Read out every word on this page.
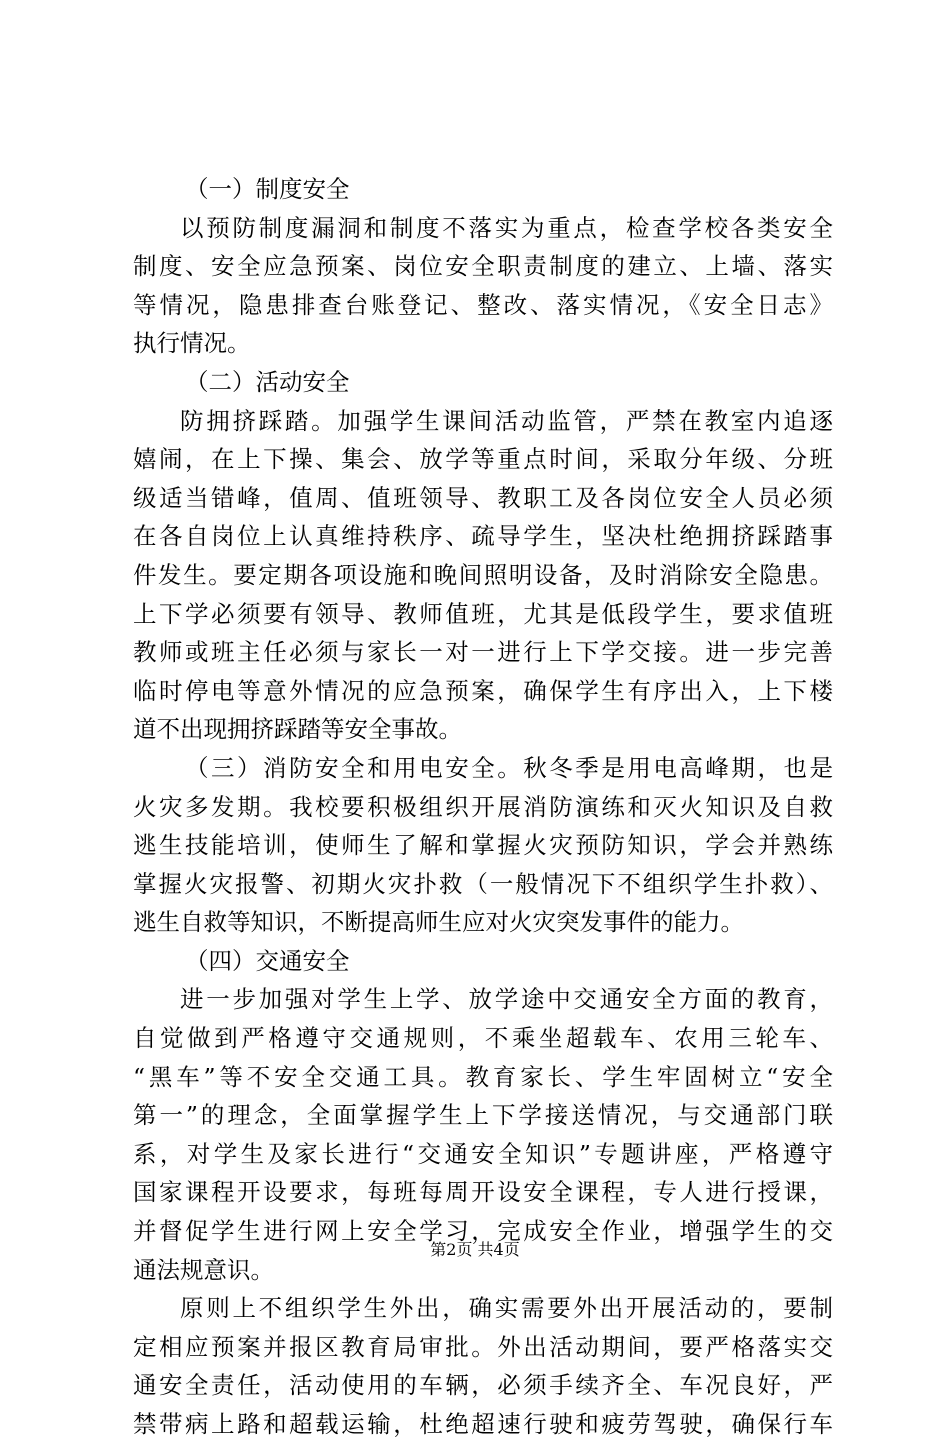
（一）制度安全
以预防制度漏洞和制度不落实为重点，检查学校各类安全
制度、安全应急预案、岗位安全职责制度的建立、上墙、落实
等情况，隐患排查台账登记、整改、落实情况，《安全日志》
执行情况。
（二）活动安全
防拥挤踩踏。加强学生课间活动监管，严禁在教室内追逐
嬉闹，在上下操、集会、放学等重点时间，采取分年级、分班
级适当错峰，值周、值班领导、教职工及各岗位安全人员必须
在各自岗位上认真维持秩序、疏导学生，坚决杜绝拥挤踩踏事
件发生。要定期各项设施和晚间照明设备，及时消除安全隐患。
上下学必须要有领导、教师值班，尤其是低段学生，要求值班
教师或班主任必须与家长一对一进行上下学交接。进一步完善
临时停电等意外情况的应急预案，确保学生有序出入，上下楼
道不出现拥挤踩踏等安全事故。
（三）消防安全和用电安全。秋冬季是用电高峰期，也是
火灾多发期。我校要积极组织开展消防演练和灭火知识及自救
逃生技能培训，使师生了解和掌握火灾预防知识，学会并熟练
掌握火灾报警、初期火灾扑救（一般情况下不组织学生扑救）、
逃生自救等知识，不断提高师生应对火灾突发事件的能力。
（四）交通安全
进一步加强对学生上学、放学途中交通安全方面的教育，
自觉做到严格遵守交通规则，不乘坐超载车、农用三轮车、
“黑车”等不安全交通工具。教育家长、学生牢固树立“安全
第一”的理念，全面掌握学生上下学接送情况，与交通部门联
系，对学生及家长进行“交通安全知识”专题讲座，严格遵守
国家课程开设要求，每班每周开设安全课程，专人进行授课，
并督促学生进行网上安全学习，完成安全作业，增强学生的交
通法规意识。
原则上不组织学生外出，确实需要外出开展活动的，要制
定相应预案并报区教育局审批。外出活动期间，要严格落实交
通安全责任，活动使用的车辆，必须手续齐全、车况良好，严
禁带病上路和超载运输，杜绝超速行驶和疲劳驾驶，确保行车
第2页 共4页
